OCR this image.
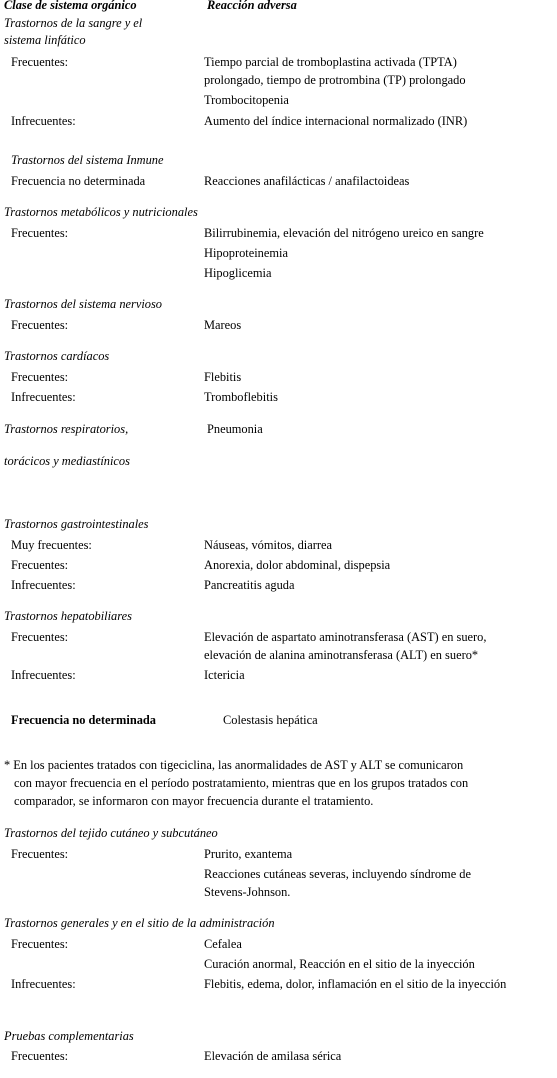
Clase de sistema orgánico	Reacción adversa
Trastornos de la sangre y el
sistema linfático
Frecuentes:	Tiempo parcial de tromboplastina activada (TPTA)
prolongado, tiempo de protrombina (TP) prolongado
Trombocitopenia
Infrecuentes:	Aumento del índice internacional normalizado (INR)
Trastornos del sistema Inmune
Frecuencia no determinada	Reacciones anafilácticas / anafilactoideas
Trastornos metabólicos y nutricionales
Frecuentes:	Bilirrubinemia, elevación del nitrógeno ureico en sangre
Hipoproteinemia
Hipoglicemia
Trastornos del sistema nervioso
Frecuentes:	Mareos
Trastornos cardíacos
Frecuentes:	Flebitis
Infrecuentes:	Tromboflebitis
Trastornos respiratorios,	Pneumonia
torácicos y mediastínicos
Trastornos gastrointestinales
Muy frecuentes:	Náuseas, vómitos, diarrea
Frecuentes:	Anorexia, dolor abdominal, dispepsia
Infrecuentes:	Pancreatitis aguda
Trastornos hepatobiliares
Frecuentes:	Elevación de aspartato aminotransferasa (AST) en suero,
elevación de alanina aminotransferasa (ALT) en suero*
Infrecuentes:	Ictericia
Frecuencia no determinada	Colestasis hepática
* En los pacientes tratados con tigeciclina, las anormalidades de AST y ALT se comunicaron
con mayor frecuencia en el período postratamiento, mientras que en los grupos tratados con
comparador, se informaron con mayor frecuencia durante el tratamiento.
Trastornos del tejido cutáneo y subcutáneo
Frecuentes:	Prurito, exantema
Reacciones cutáneas severas, incluyendo síndrome de
Stevens-Johnson.
Trastornos generales y en el sitio de la administración
Frecuentes:	Cefalea
Curación anormal, Reacción en el sitio de la inyección
Infrecuentes:	Flebitis, edema, dolor, inflamación en el sitio de la inyección
Pruebas complementarias
Frecuentes:	Elevación de amilasa sérica
